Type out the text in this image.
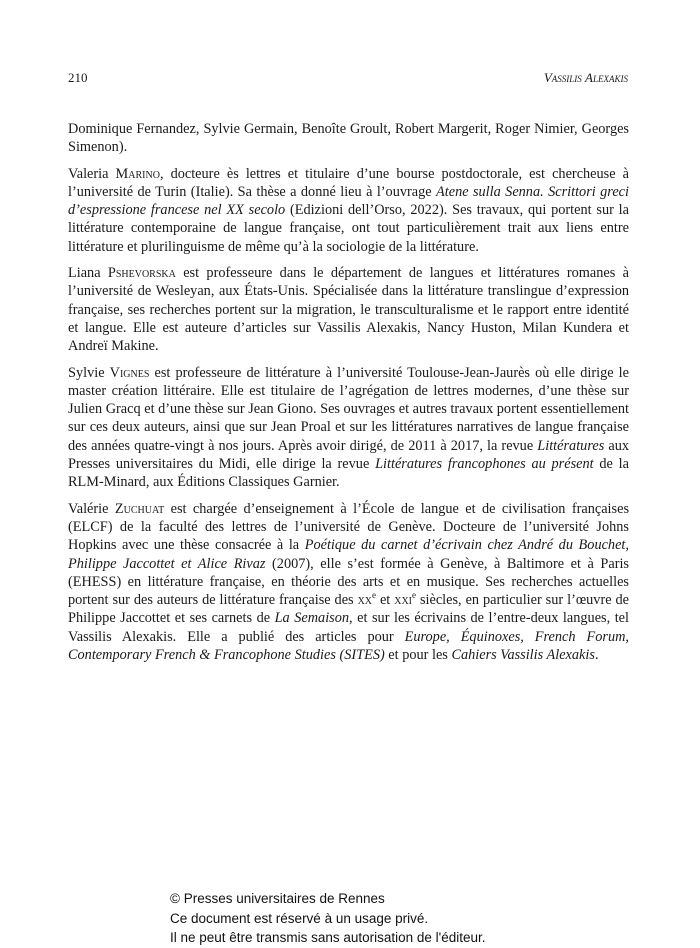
210	Vassilis Alexakis

Dominique Fernandez, Sylvie Germain, Benoîte Groult, Robert Margerit, Roger Nimier, Georges Simenon).

Valeria Marino, docteure ès lettres et titulaire d’une bourse postdoctorale, est chercheuse à l’université de Turin (Italie). Sa thèse a donné lieu à l’ouvrage Atene sulla Senna. Scrittori greci d’espressione francese nel XX secolo (Edizioni dell’Orso, 2022). Ses travaux, qui portent sur la littérature contemporaine de langue française, ont tout particulièrement trait aux liens entre littérature et plurilinguisme de même qu’à la sociologie de la littérature.

Liana Pshevorska est professeure dans le département de langues et littératures romanes à l’université de Wesleyan, aux États-Unis. Spécialisée dans la littérature translingue d’expression française, ses recherches portent sur la migration, le transculturalisme et le rapport entre identité et langue. Elle est auteure d’articles sur Vassilis Alexakis, Nancy Huston, Milan Kundera et Andreï Makine.

Sylvie Vignes est professeure de littérature à l’université Toulouse-Jean-Jaurès où elle dirige le master création littéraire. Elle est titulaire de l’agrégation de lettres modernes, d’une thèse sur Julien Gracq et d’une thèse sur Jean Giono. Ses ouvrages et autres travaux portent essentiellement sur ces deux auteurs, ainsi que sur Jean Proal et sur les littératures narratives de langue française des années quatre-vingt à nos jours. Après avoir dirigé, de 2011 à 2017, la revue Littératures aux Presses universitaires du Midi, elle dirige la revue Littératures francophones au présent de la RLM-Minard, aux Éditions Classiques Garnier.

Valérie Zuchuat est chargée d’enseignement à l’École de langue et de civilisation françaises (ELCF) de la faculté des lettres de l’université de Genève. Docteure de l’université Johns Hopkins avec une thèse consacrée à la Poétique du carnet d’écrivain chez André du Bouchet, Philippe Jaccottet et Alice Rivaz (2007), elle s’est formée à Genève, à Baltimore et à Paris (EHESS) en littérature française, en théorie des arts et en musique. Ses recherches actuelles portent sur des auteurs de littérature française des $xx^e$ et xxi$^e$ siècles, en particulier sur l’œuvre de Philippe Jaccottet et ses carnets de La Semaison, et sur les écrivains de l’entre-deux langues, tel Vassilis Alexakis. Elle a publié des articles pour Europe, Équinoxes, French Forum, Contemporary French & Francophone Studies (SITES) et pour les Cahiers Vassilis Alexakis.

© Presses universitaires de Rennes
Ce document est réservé à un usage privé.
Il ne peut être transmis sans autorisation de l'éditeur.
